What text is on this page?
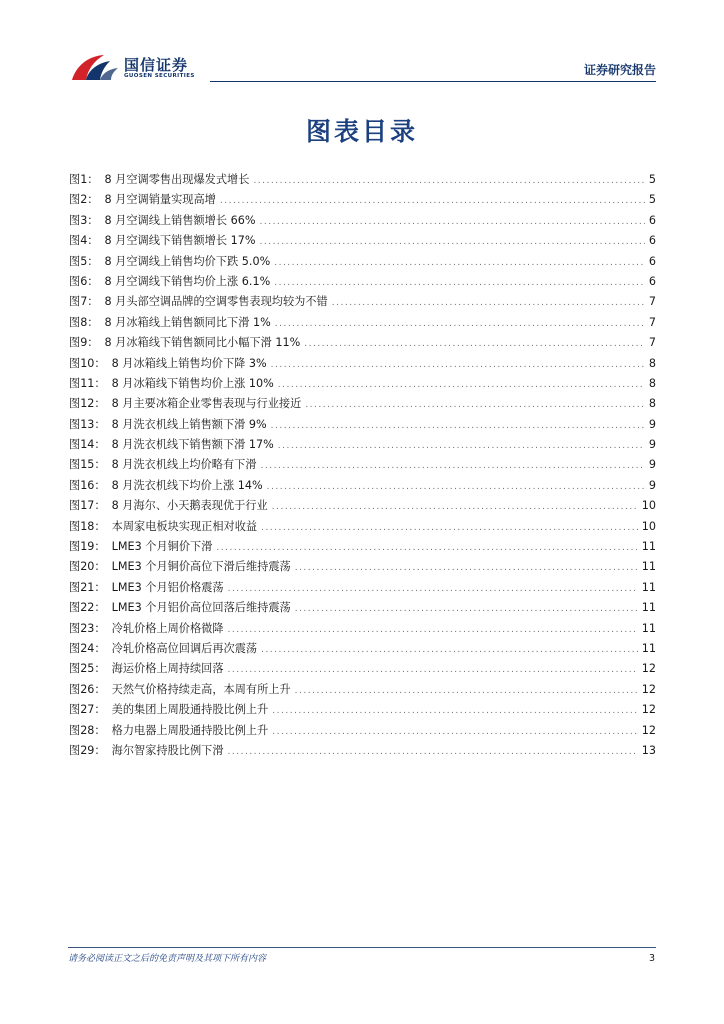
国信证券
GUOSEN SECURITIES	证券研究报告
图表目录
图1： 8 月空调零售出现爆发式增长 .....	5
图2： 8 月空调销量实现高增 .....	5
图3： 8 月空调线上销售额增长 66% .....	6
图4： 8 月空调线下销售额增长 17% .....	6
图5： 8 月空调线上销售均价下跌 5.0% .....	6
图6： 8 月空调线下销售均价上涨 6.1% .....	6
图7： 8 月头部空调品牌的空调零售表现均较为不错 .....	7
图8： 8 月冰箱线上销售额同比下滑 1% .....	7
图9： 8 月冰箱线下销售额同比小幅下滑 11% .....	7
图10： 8 月冰箱线上销售均价下降 3% .....	8
图11： 8 月冰箱线下销售均价上涨 10% .....	8
图12： 8 月主要冰箱企业零售表现与行业接近 .....	8
图13： 8 月洗衣机线上销售额下滑 9% .....	9
图14： 8 月洗衣机线下销售额下滑 17% .....	9
图15： 8 月洗衣机线上均价略有下滑 .....	9
图16： 8 月洗衣机线下均价上涨 14% .....	9
图17： 8 月海尔、小天鹅表现优于行业 .....	10
图18： 本周家电板块实现正相对收益 .....	10
图19： LME3 个月铜价下滑 .....	11
图20： LME3 个月铜价高位下滑后维持震荡 .....	11
图21： LME3 个月铝价格震荡 .....	11
图22： LME3 个月铝价高位回落后维持震荡 .....	11
图23： 冷轧价格上周价格微降 .....	11
图24： 冷轧价格高位回调后再次震荡 .....	11
图25： 海运价格上周持续回落 .....	12
图26： 天然气价格持续走高，本周有所上升 .....	12
图27： 美的集团上周股通持股比例上升 .....	12
图28： 格力电器上周股通持股比例上升 .....	12
图29： 海尔智家持股比例下滑 .....	13
请务必阅读正文之后的免责声明及其项下所有内容	3
